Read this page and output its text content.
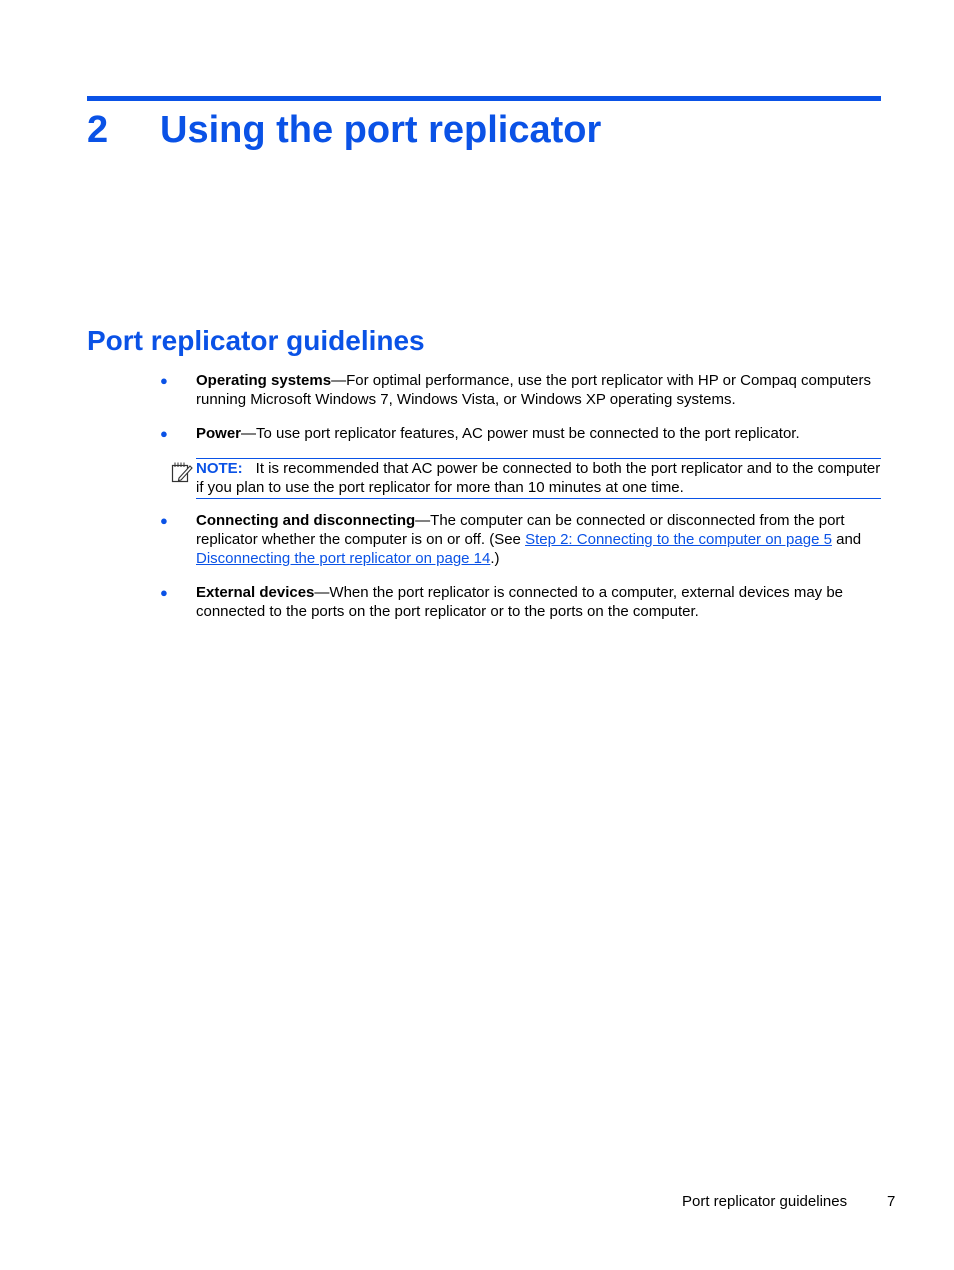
2 Using the port replicator
Port replicator guidelines
● Operating systems—For optimal performance, use the port replicator with HP or Compaq computers running Microsoft Windows 7, Windows Vista, or Windows XP operating systems.
● Power—To use port replicator features, AC power must be connected to the port replicator.
NOTE: It is recommended that AC power be connected to both the port replicator and to the computer if you plan to use the port replicator for more than 10 minutes at one time.
● Connecting and disconnecting—The computer can be connected or disconnected from the port replicator whether the computer is on or off. (See Step 2: Connecting to the computer on page 5 and Disconnecting the port replicator on page 14.)
● External devices—When the port replicator is connected to a computer, external devices may be connected to the ports on the port replicator or to the ports on the computer.
Port replicator guidelines	7
